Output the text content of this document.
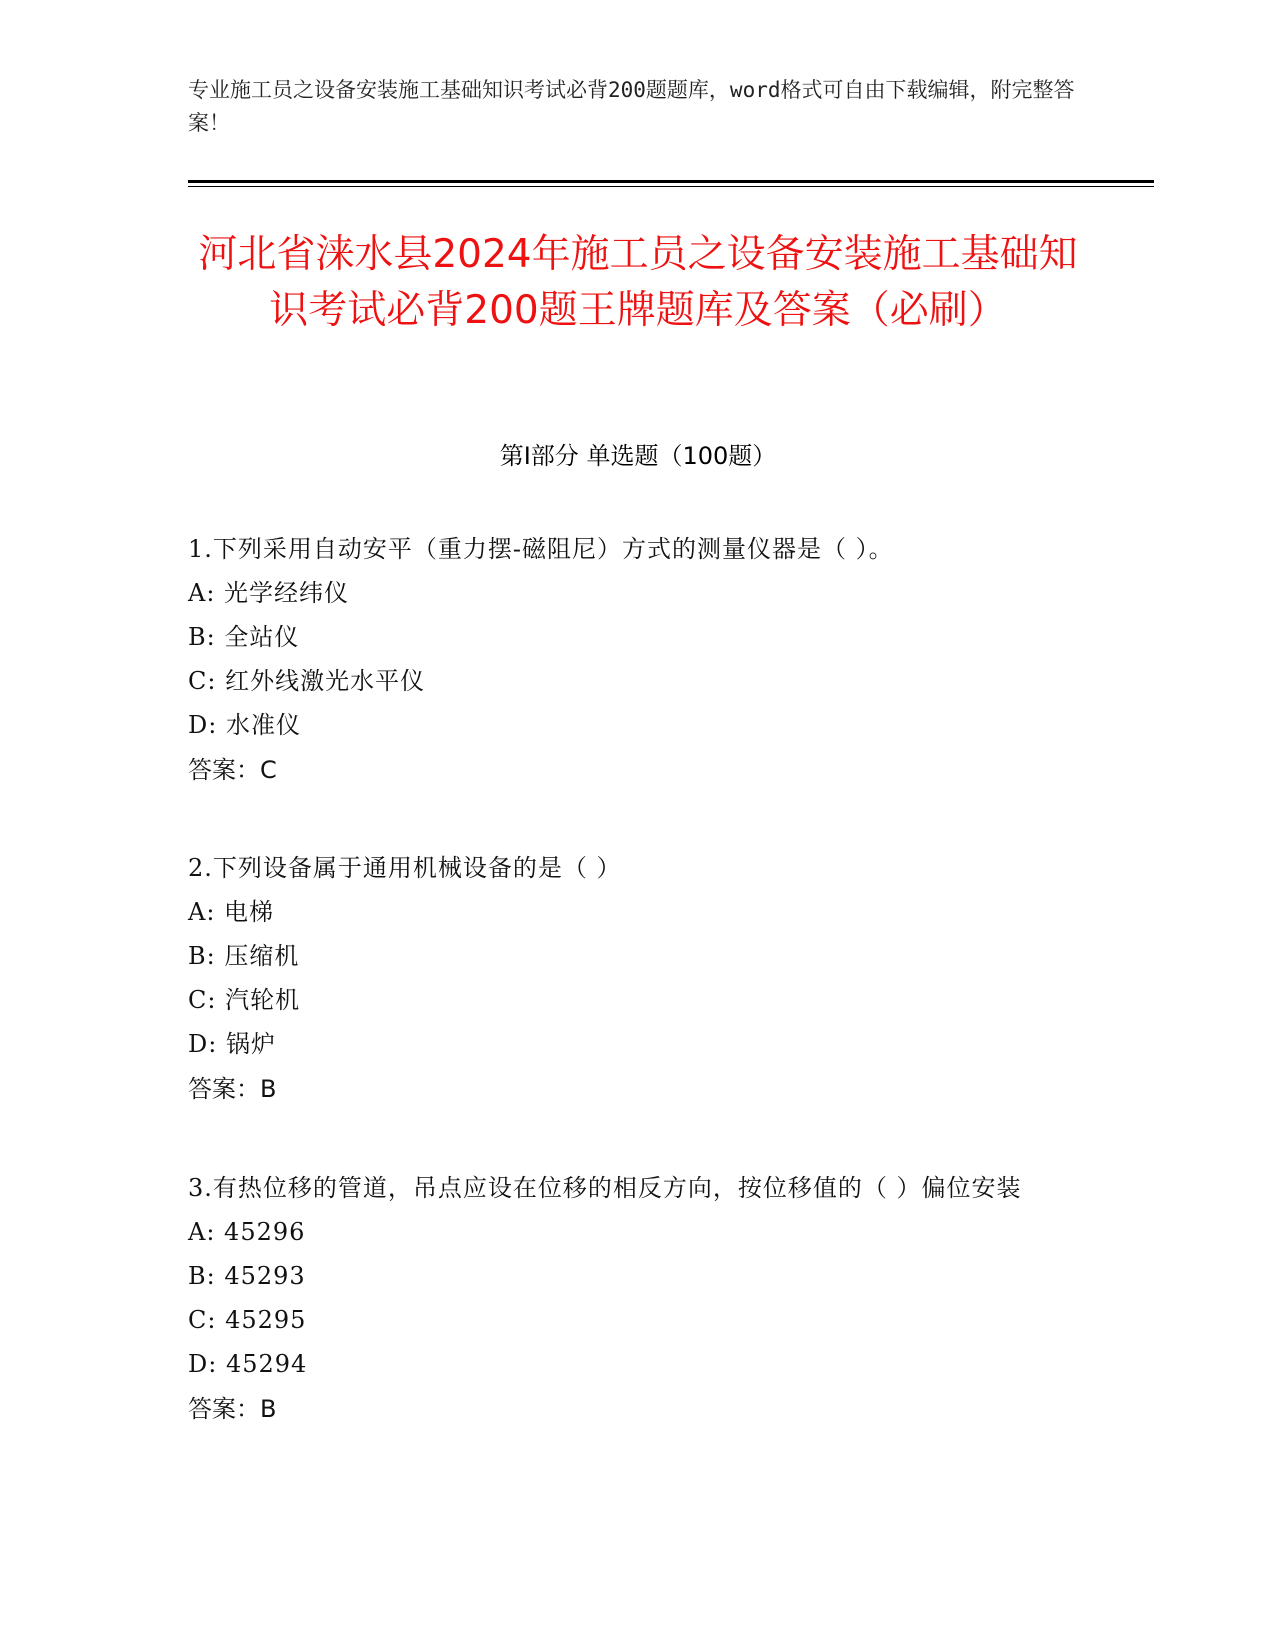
专业施工员之设备安装施工基础知识考试必背200题题库，word格式可自由下载编辑，附完整答案！
河北省涞水县2024年施工员之设备安装施工基础知识考试必背200题王牌题库及答案（必刷）
第I部分 单选题（100题）

1.下列采用自动安平（重力摆-磁阻尼）方式的测量仪器是（ ）。

A: 光学经纬仪

B: 全站仪

C: 红外线激光水平仪

D: 水准仪

答案：C

2.下列设备属于通用机械设备的是（ ）

A: 电梯

B: 压缩机

C: 汽轮机

D: 锅炉

答案：B

3.有热位移的管道，吊点应设在位移的相反方向，按位移值的（ ）偏位安装

A: 45296

B: 45293

C: 45295

D: 45294

答案：B
